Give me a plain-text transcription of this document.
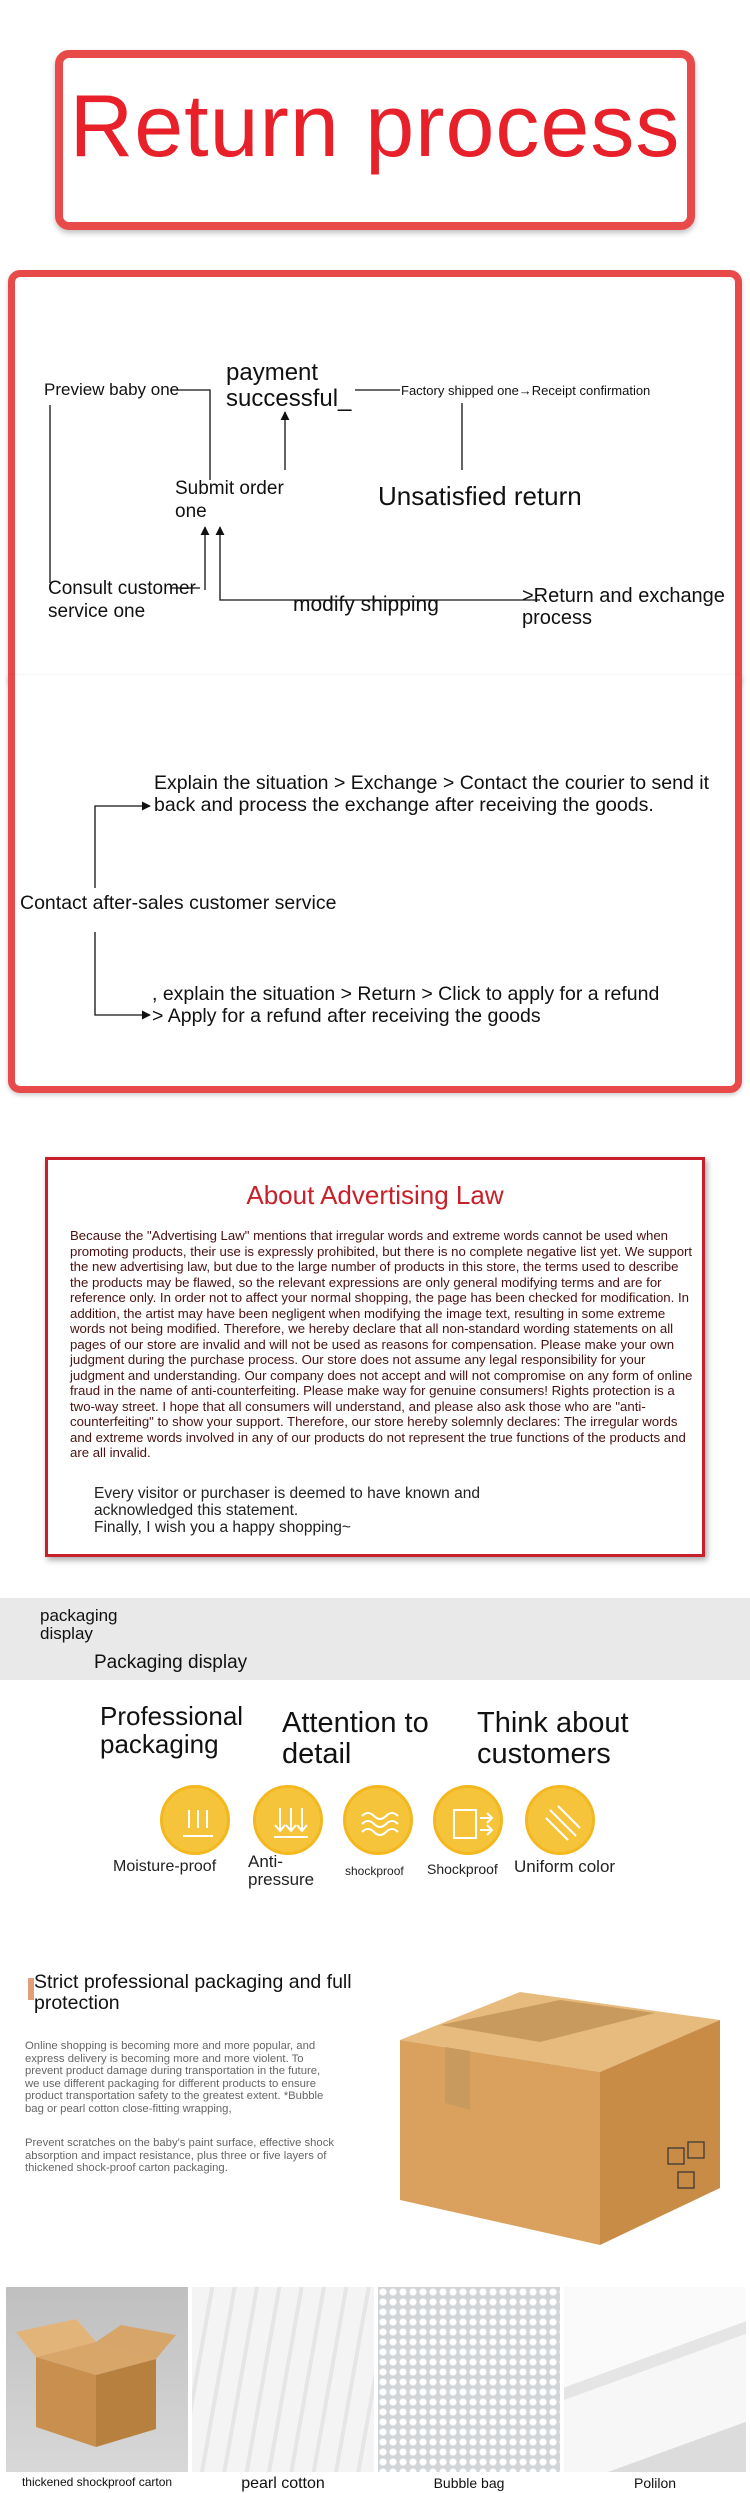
Return process
Preview baby one
payment successful_	Factory shipped one→Receipt confirmation
Submit order one
Unsatisfied return
Consult customer service one	modify shipping	>Return and exchange process
Explain the situation > Exchange > Contact the courier to send it back and process the exchange after receiving the goods.
Contact after-sales customer service
, explain the situation > Return > Click to apply for a refund
> Apply for a refund after receiving the goods
About Advertising Law
Because the "Advertising Law" mentions that irregular words and extreme words cannot be used when promoting products, their use is expressly prohibited, but there is no complete negative list yet. We support the new advertising law, but due to the large number of products in this store, the terms used to describe the products may be flawed, so the relevant expressions are only general modifying terms and are for reference only. In order not to affect your normal shopping, the page has been checked for modification. In addition, the artist may have been negligent when modifying the image text, resulting in some extreme words not being modified. Therefore, we hereby declare that all non-standard wording statements on all pages of our store are invalid and will not be used as reasons for compensation. Please make your own judgment during the purchase process. Our store does not assume any legal responsibility for your judgment and understanding. Our company does not accept and will not compromise on any form of online fraud in the name of anti-counterfeiting. Please make way for genuine consumers! Rights protection is a two-way street. I hope that all consumers will understand, and please also ask those who are "anti-counterfeiting" to show your support. Therefore, our store hereby solemnly declares: The irregular words and extreme words involved in any of our products do not represent the true functions of the products and are all invalid.
Every visitor or purchaser is deemed to have known and acknowledged this statement.
Finally, I wish you a happy shopping~
packaging display
Packaging display
Professional packaging
Attention to detail
Think about customers
Moisture-proof Anti-pressure	shockproof Shockproof Uniform color
Strict professional packaging and full protection
Online shopping is becoming more and more popular, and express delivery is becoming more and more violent. To prevent product damage during transportation in the future, we use different packaging for different products to ensure product transportation safety to the greatest extent. *Bubble bag or pearl cotton close-fitting wrapping,
Prevent scratches on the baby's paint surface, effective shock absorption and impact resistance, plus three or five layers of thickened shock-proof carton packaging.
thickened shockproof carton	pearl cotton	Bubble bag	Polilon
